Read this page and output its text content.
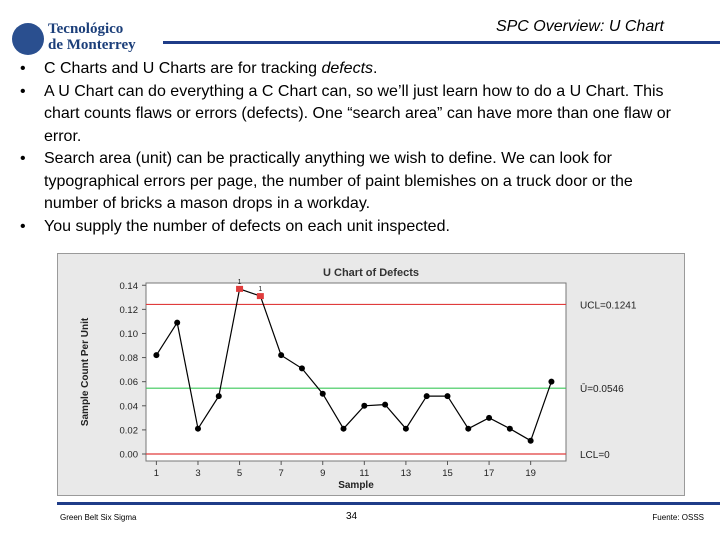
Tecnológico
de Monterrey
SPC Overview: U Chart
•	C Charts and U Charts are for tracking defects.
•	A U Chart can do everything a C Chart can, so we’ll just learn how to do a U Chart. This chart counts flaws or errors (defects). One “search area” can have more than one flaw or error.
•	Search area (unit) can be practically anything we wish to define. We can look for typographical errors per page, the number of paint blemishes on a truck door or the number of bricks a mason drops in a workday.
•	You supply the number of defects on each unit inspected.
U Chart of Defects
0.00
0.02
0.04
0.06
0.08
0.10
0.12
0.14
1	3	5	7	9	11	13	15	17	19
Sample
Sample Count Per Unit
UCL=0.1241
Ū=0.0546
LCL=0
1
1
Green Belt Six Sigma	34	Fuente: OSSS
